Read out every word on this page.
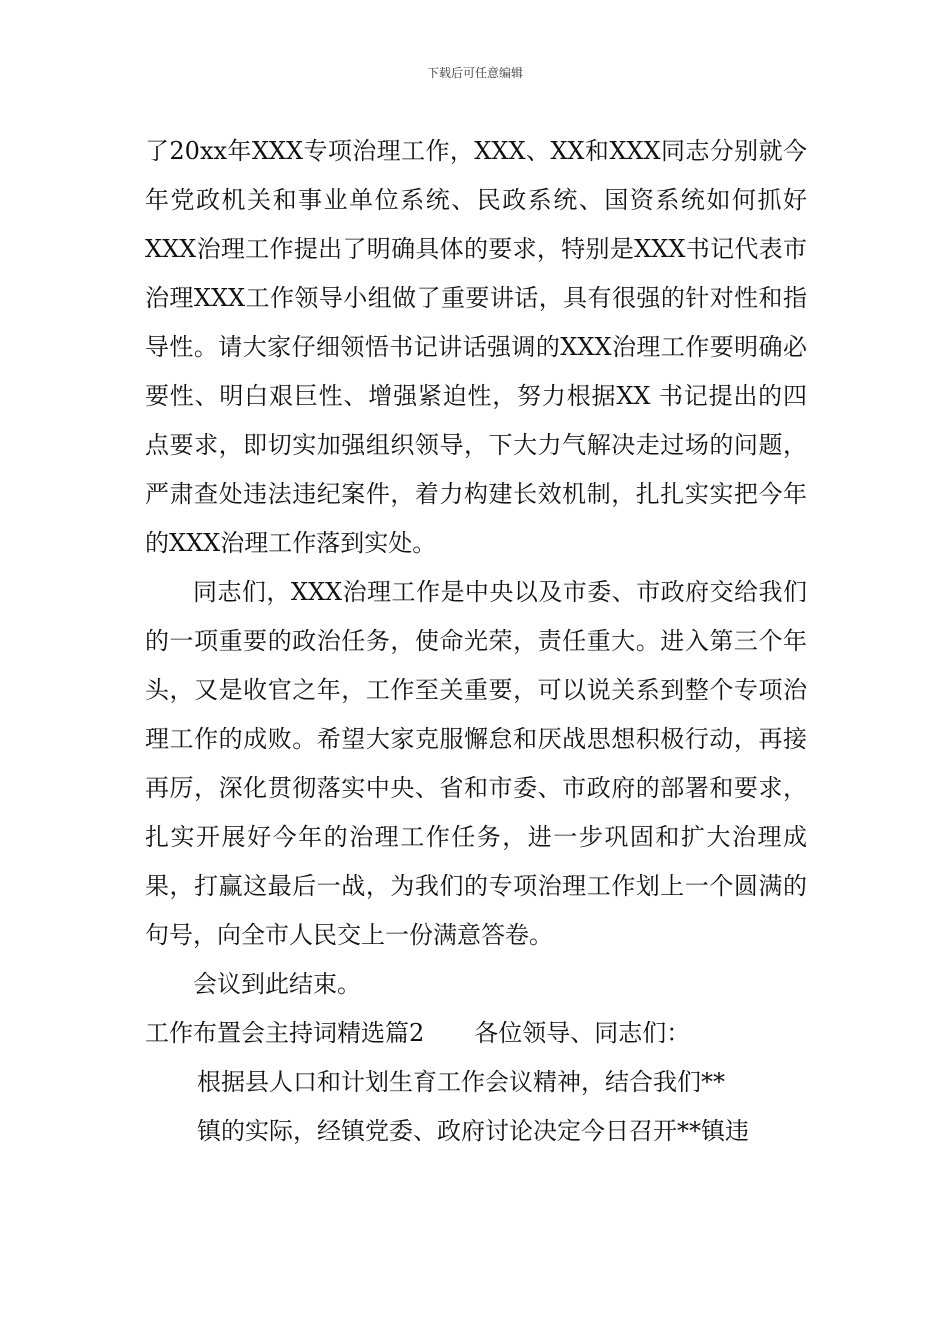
下载后可任意编辑

了20xx年XXX专项治理工作，XXX、XX和XXX同志分别就今年党政机关和事业单位系统、民政系统、国资系统如何抓好XXX治理工作提出了明确具体的要求，特别是XXX书记代表市治理XXX工作领导小组做了重要讲话，具有很强的针对性和指导性。请大家仔细领悟书记讲话强调的XXX治理工作要明确必要性、明白艰巨性、增强紧迫性，努力根据XX 书记提出的四点要求，即切实加强组织领导，下大力气解决走过场的问题，严肃查处违法违纪案件，着力构建长效机制，扎扎实实把今年的XXX治理工作落到实处。

同志们，XXX治理工作是中央以及市委、市政府交给我们的一项重要的政治任务，使命光荣，责任重大。进入第三个年头，又是收官之年，工作至关重要，可以说关系到整个专项治理工作的成败。希望大家克服懈怠和厌战思想积极行动，再接再厉，深化贯彻落实中央、省和市委、市政府的部署和要求，扎实开展好今年的治理工作任务，进一步巩固和扩大治理成果，打赢这最后一战，为我们的专项治理工作划上一个圆满的句号，向全市人民交上一份满意答卷。

会议到此结束。

工作布置会主持词精选篇2 各位领导、同志们：

根据县人口和计划生育工作会议精神，结合我们**

镇的实际，经镇党委、政府讨论决定今日召开**镇违
